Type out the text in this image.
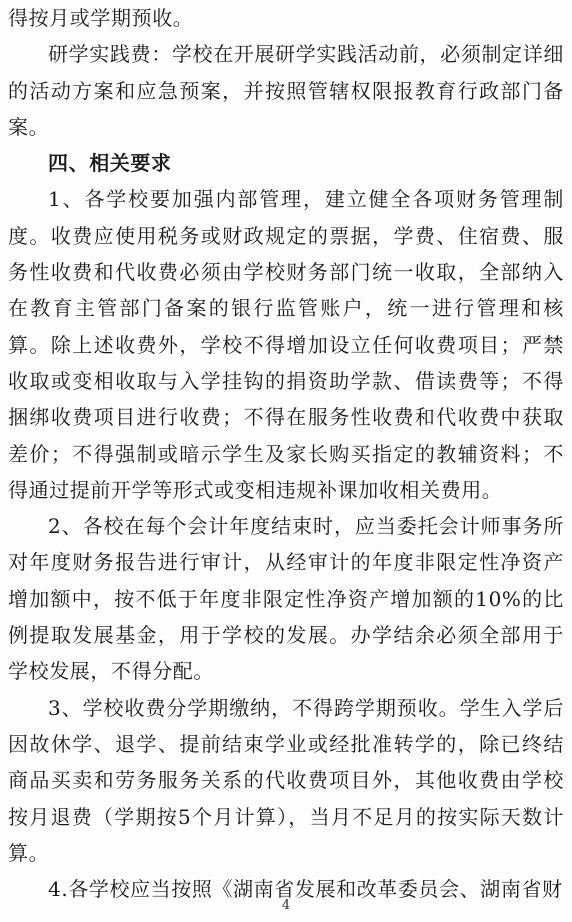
得按月或学期预收。

研学实践费：学校在开展研学实践活动前，必须制定详细的活动方案和应急预案，并按照管辖权限报教育行政部门备案。

四、相关要求

1、各学校要加强内部管理，建立健全各项财务管理制度。收费应使用税务或财政规定的票据，学费、住宿费、服务性收费和代收费必须由学校财务部门统一收取，全部纳入在教育主管部门备案的银行监管账户，统一进行管理和核算。除上述收费外，学校不得增加设立任何收费项目；严禁收取或变相收取与入学挂钩的捐资助学款、借读费等；不得捆绑收费项目进行收费；不得在服务性收费和代收费中获取差价；不得强制或暗示学生及家长购买指定的教辅资料；不得通过提前开学等形式或变相违规补课加收相关费用。

2、各校在每个会计年度结束时，应当委托会计师事务所对年度财务报告进行审计，从经审计的年度非限定性净资产增加额中，按不低于年度非限定性净资产增加额的10%的比例提取发展基金，用于学校的发展。办学结余必须全部用于学校发展，不得分配。

3、学校收费分学期缴纳，不得跨学期预收。学生入学后因故休学、退学、提前结束学业或经批准转学的，除已终结商品买卖和劳务服务关系的代收费项目外，其他收费由学校按月退费（学期按5个月计算），当月不足月的按实际天数计算。

4.各学校应当按照《湖南省发展和改革委员会、湖南省财

4
